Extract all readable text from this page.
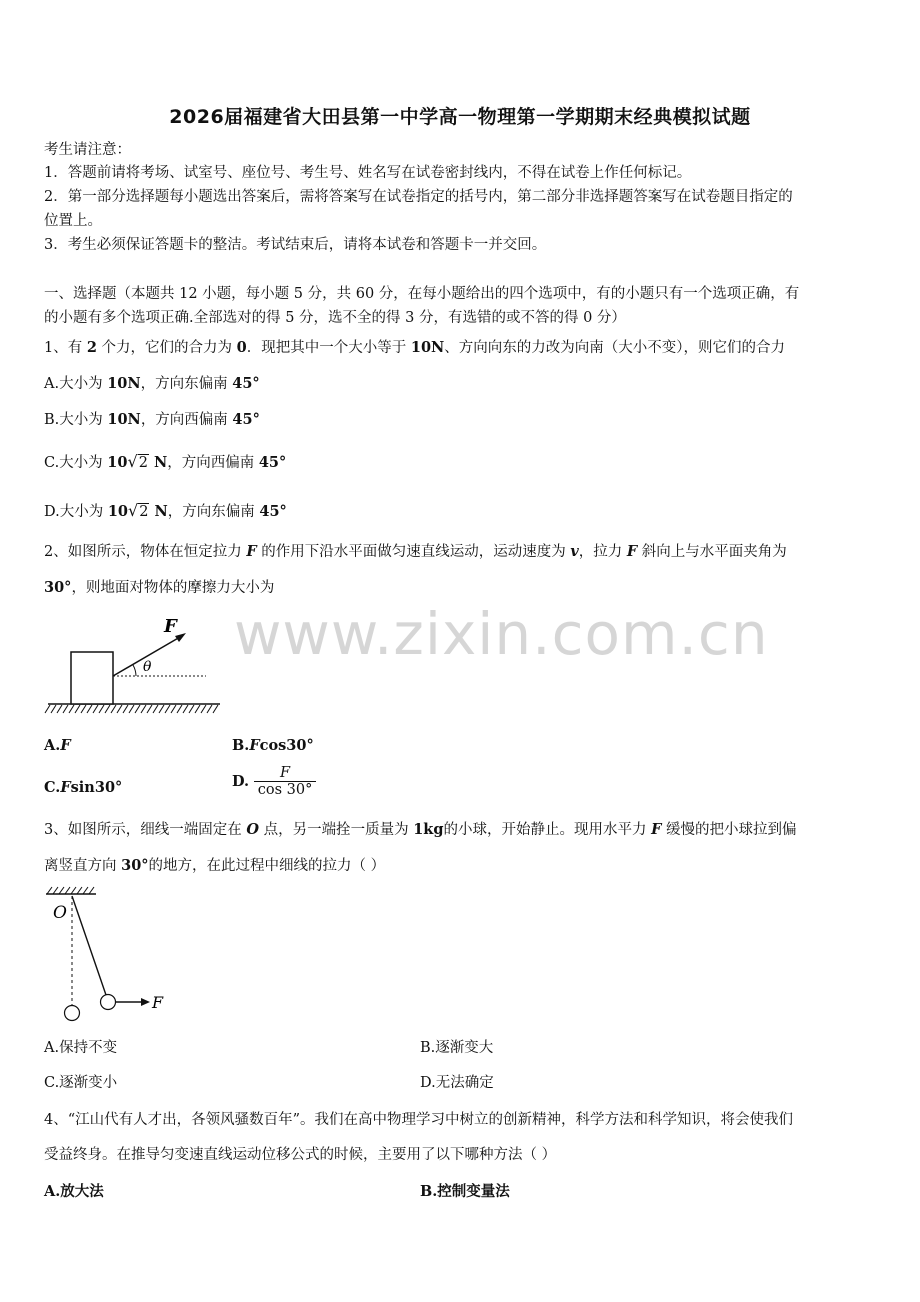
www.zixin.com.cn
2026届福建省大田县第一中学高一物理第一学期期末经典模拟试题
考生请注意：
1．答题前请将考场、试室号、座位号、考生号、姓名写在试卷密封线内，不得在试卷上作任何标记。
2．第一部分选择题每小题选出答案后，需将答案写在试卷指定的括号内，第二部分非选择题答案写在试卷题目指定的
位置上。
3．考生必须保证答题卡的整洁。考试结束后，请将本试卷和答题卡一并交回。
一、选择题（本题共 12 小题，每小题 5 分，共 60 分，在每小题给出的四个选项中，有的小题只有一个选项正确，有
的小题有多个选项正确.全部选对的得 5 分，选不全的得 3 分，有选错的或不答的得 0 分）
1、有 2 个力，它们的合力为 0．现把其中一个大小等于 10N、方向向东的力改为向南（大小不变），则它们的合力
A.大小为 10N，方向东偏南 45°
B.大小为 10N，方向西偏南 45°
C.大小为 10√2 N，方向西偏南 45°
D.大小为 10√2 N，方向东偏南 45°
2、如图所示，物体在恒定拉力 F 的作用下沿水平面做匀速直线运动，运动速度为 v，拉力 F 斜向上与水平面夹角为
30°，则地面对物体的摩擦力大小为
F
θ
A.F	B.Fcos30°
C.Fsin30°	D. $\frac{F}{\cos 30^\circ}$
3、如图所示，细线一端固定在 O 点，另一端拴一质量为 1kg的小球，开始静止。现用水平力 F 缓慢的把小球拉到偏
离竖直方向 30°的地方，在此过程中细线的拉力（ ）
O
F
A.保持不变	B.逐渐变大
C.逐渐变小	D.无法确定
4、“江山代有人才出，各领风骚数百年”。我们在高中物理学习中树立的创新精神，科学方法和科学知识，将会使我们
受益终身。在推导匀变速直线运动位移公式的时候，主要用了以下哪种方法（ ）
A.放大法	B.控制变量法
